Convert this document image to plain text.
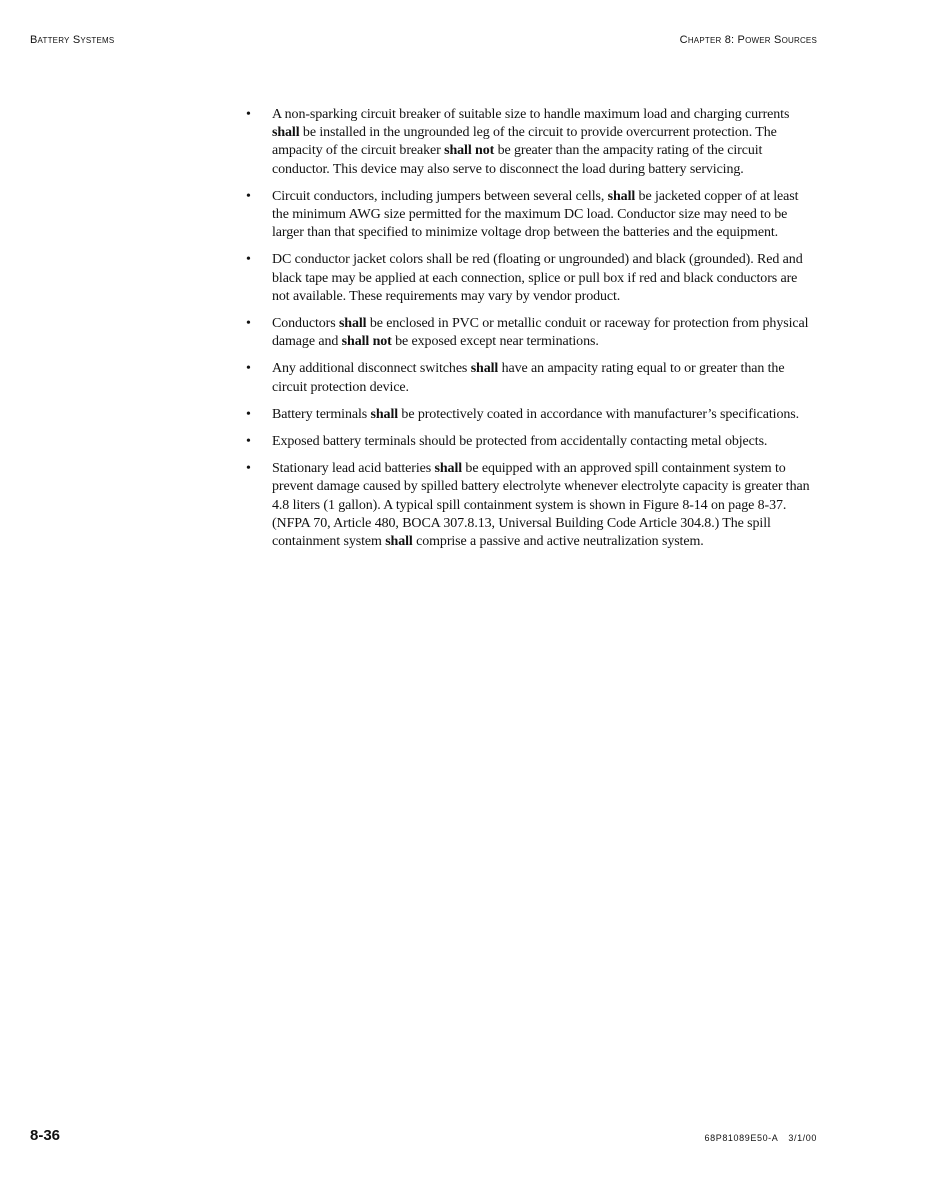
Battery Systems	Chapter 8: Power Sources
• A non-sparking circuit breaker of suitable size to handle maximum load and charging currents shall be installed in the ungrounded leg of the circuit to provide overcurrent protection. The ampacity of the circuit breaker shall not be greater than the ampacity rating of the circuit conductor. This device may also serve to disconnect the load during battery servicing.
• Circuit conductors, including jumpers between several cells, shall be jacketed copper of at least the minimum AWG size permitted for the maximum DC load. Conductor size may need to be larger than that specified to minimize voltage drop between the batteries and the equipment.
• DC conductor jacket colors shall be red (floating or ungrounded) and black (grounded). Red and black tape may be applied at each connection, splice or pull box if red and black conductors are not available. These requirements may vary by vendor product.
• Conductors shall be enclosed in PVC or metallic conduit or raceway for protection from physical damage and shall not be exposed except near terminations.
• Any additional disconnect switches shall have an ampacity rating equal to or greater than the circuit protection device.
• Battery terminals shall be protectively coated in accordance with manufacturer’s specifications.
• Exposed battery terminals should be protected from accidentally contacting metal objects.
• Stationary lead acid batteries shall be equipped with an approved spill containment system to prevent damage caused by spilled battery electrolyte whenever electrolyte capacity is greater than 4.8 liters (1 gallon). A typical spill containment system is shown in Figure 8-14 on page 8-37. (NFPA 70, Article 480, BOCA 307.8.13, Universal Building Code Article 304.8.) The spill containment system shall comprise a passive and active neutralization system.
8-36	68P81089E50-A 3/1/00
